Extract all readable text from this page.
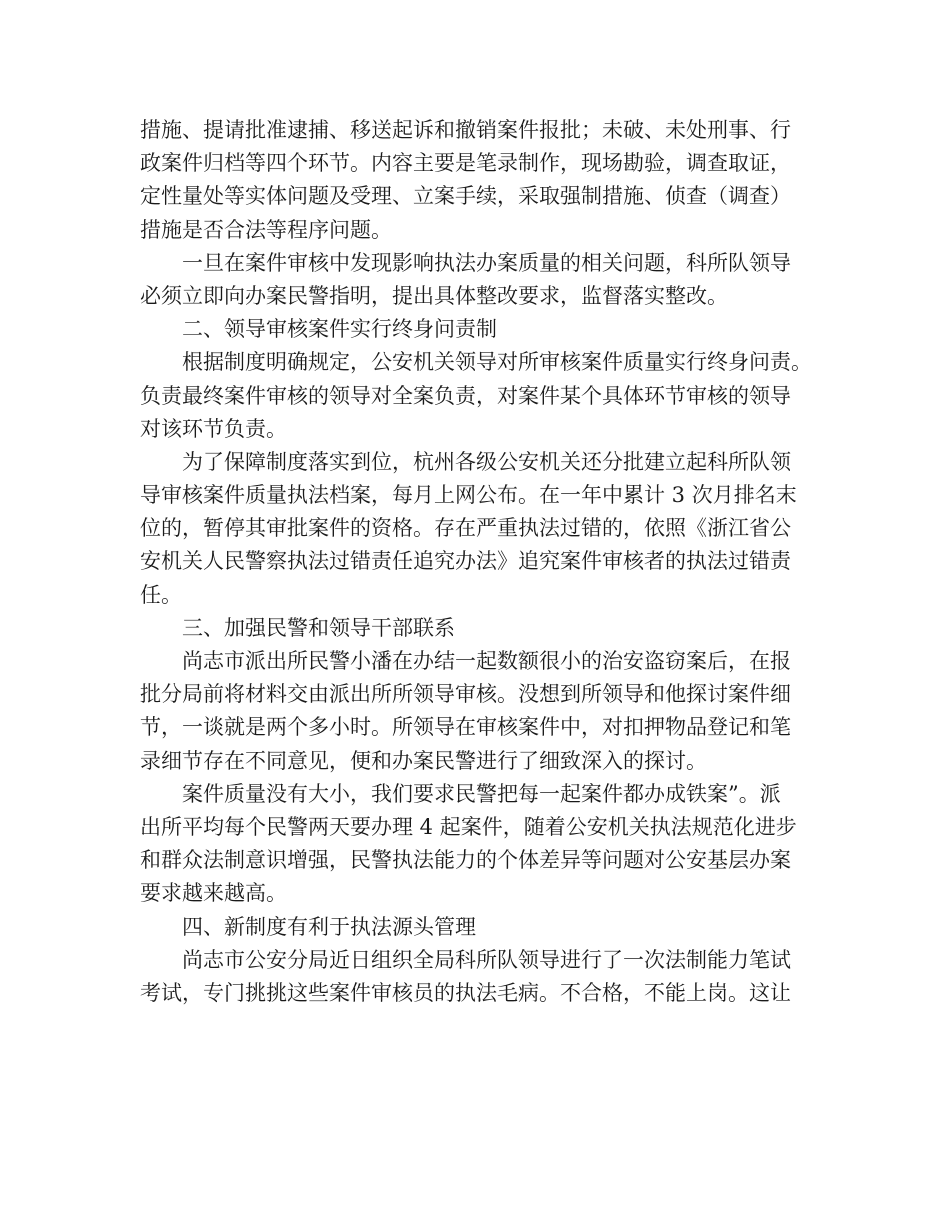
措施、提请批准逮捕、移送起诉和撤销案件报批；未破、未处刑事、行
政案件归档等四个环节。内容主要是笔录制作，现场勘验，调查取证，
定性量处等实体问题及受理、立案手续，采取强制措施、侦查（调查）
措施是否合法等程序问题。
一旦在案件审核中发现影响执法办案质量的相关问题，科所队领导
必须立即向办案民警指明，提出具体整改要求，监督落实整改。
二、领导审核案件实行终身问责制
根据制度明确规定，公安机关领导对所审核案件质量实行终身问责。
负责最终案件审核的领导对全案负责，对案件某个具体环节审核的领导
对该环节负责。
为了保障制度落实到位，杭州各级公安机关还分批建立起科所队领
导审核案件质量执法档案，每月上网公布。在一年中累计 3 次月排名末
位的，暂停其审批案件的资格。存在严重执法过错的，依照《浙江省公
安机关人民警察执法过错责任追究办法》追究案件审核者的执法过错责
任。
三、加强民警和领导干部联系
尚志市派出所民警小潘在办结一起数额很小的治安盗窃案后，在报
批分局前将材料交由派出所所领导审核。没想到所领导和他探讨案件细
节，一谈就是两个多小时。所领导在审核案件中，对扣押物品登记和笔
录细节存在不同意见，便和办案民警进行了细致深入的探讨。
案件质量没有大小，我们要求民警把每一起案件都办成铁案”。派
出所平均每个民警两天要办理 4 起案件，随着公安机关执法规范化进步
和群众法制意识增强，民警执法能力的个体差异等问题对公安基层办案
要求越来越高。
四、新制度有利于执法源头管理
尚志市公安分局近日组织全局科所队领导进行了一次法制能力笔试
考试，专门挑挑这些案件审核员的执法毛病。不合格，不能上岗。这让
